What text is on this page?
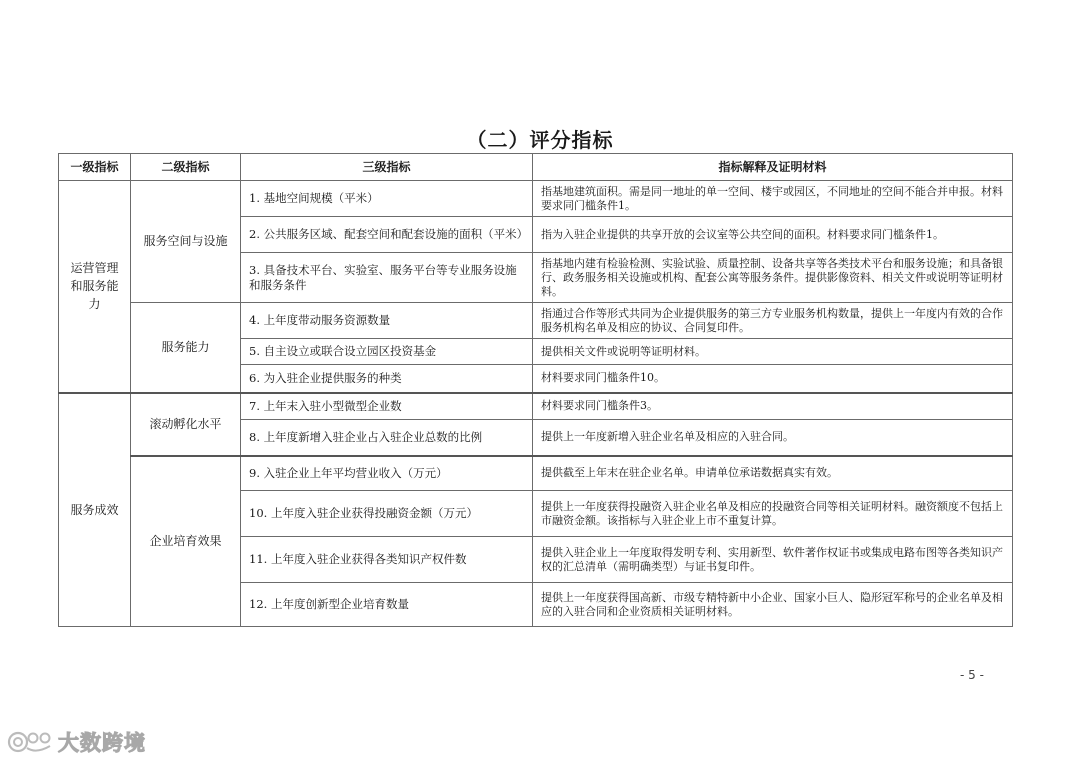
（二）评分指标
一级指标	二级指标	三级指标	指标解释及证明材料
运营管理和服务能力	服务空间与设施	1. 基地空间规模（平米）	指基地建筑面积。需是同一地址的单一空间、楼宇或园区，不同地址的空间不能合并申报。材料要求同门槛条件1。
		2. 公共服务区域、配套空间和配套设施的面积（平米）	指为入驻企业提供的共享开放的会议室等公共空间的面积。材料要求同门槛条件1。
		3. 具备技术平台、实验室、服务平台等专业服务设施和服务条件	指基地内建有检验检测、实验试验、质量控制、设备共享等各类技术平台和服务设施；和具备银行、政务服务相关设施或机构、配套公寓等服务条件。提供影像资料、相关文件或说明等证明材料。
	服务能力	4. 上年度带动服务资源数量	指通过合作等形式共同为企业提供服务的第三方专业服务机构数量，提供上一年度内有效的合作服务机构名单及相应的协议、合同复印件。
		5. 自主设立或联合设立园区投资基金	提供相关文件或说明等证明材料。
		6. 为入驻企业提供服务的种类	材料要求同门槛条件10。
服务成效	滚动孵化水平	7. 上年末入驻小型微型企业数	材料要求同门槛条件3。
		8. 上年度新增入驻企业占入驻企业总数的比例	提供上一年度新增入驻企业名单及相应的入驻合同。
	企业培育效果	9. 入驻企业上年平均营业收入（万元）	提供截至上年末在驻企业名单。申请单位承诺数据真实有效。
		10. 上年度入驻企业获得投融资金额（万元）	提供上一年度获得投融资入驻企业名单及相应的投融资合同等相关证明材料。融资额度不包括上市融资金额。该指标与入驻企业上市不重复计算。
		11. 上年度入驻企业获得各类知识产权件数	提供入驻企业上一年度取得发明专利、实用新型、软件著作权证书或集成电路布图等各类知识产权的汇总清单（需明确类型）与证书复印件。
		12. 上年度创新型企业培育数量	提供上一年度获得国高新、市级专精特新中小企业、国家小巨人、隐形冠军称号的企业名单及相应的入驻合同和企业资质相关证明材料。
- 5 -
大数跨境
